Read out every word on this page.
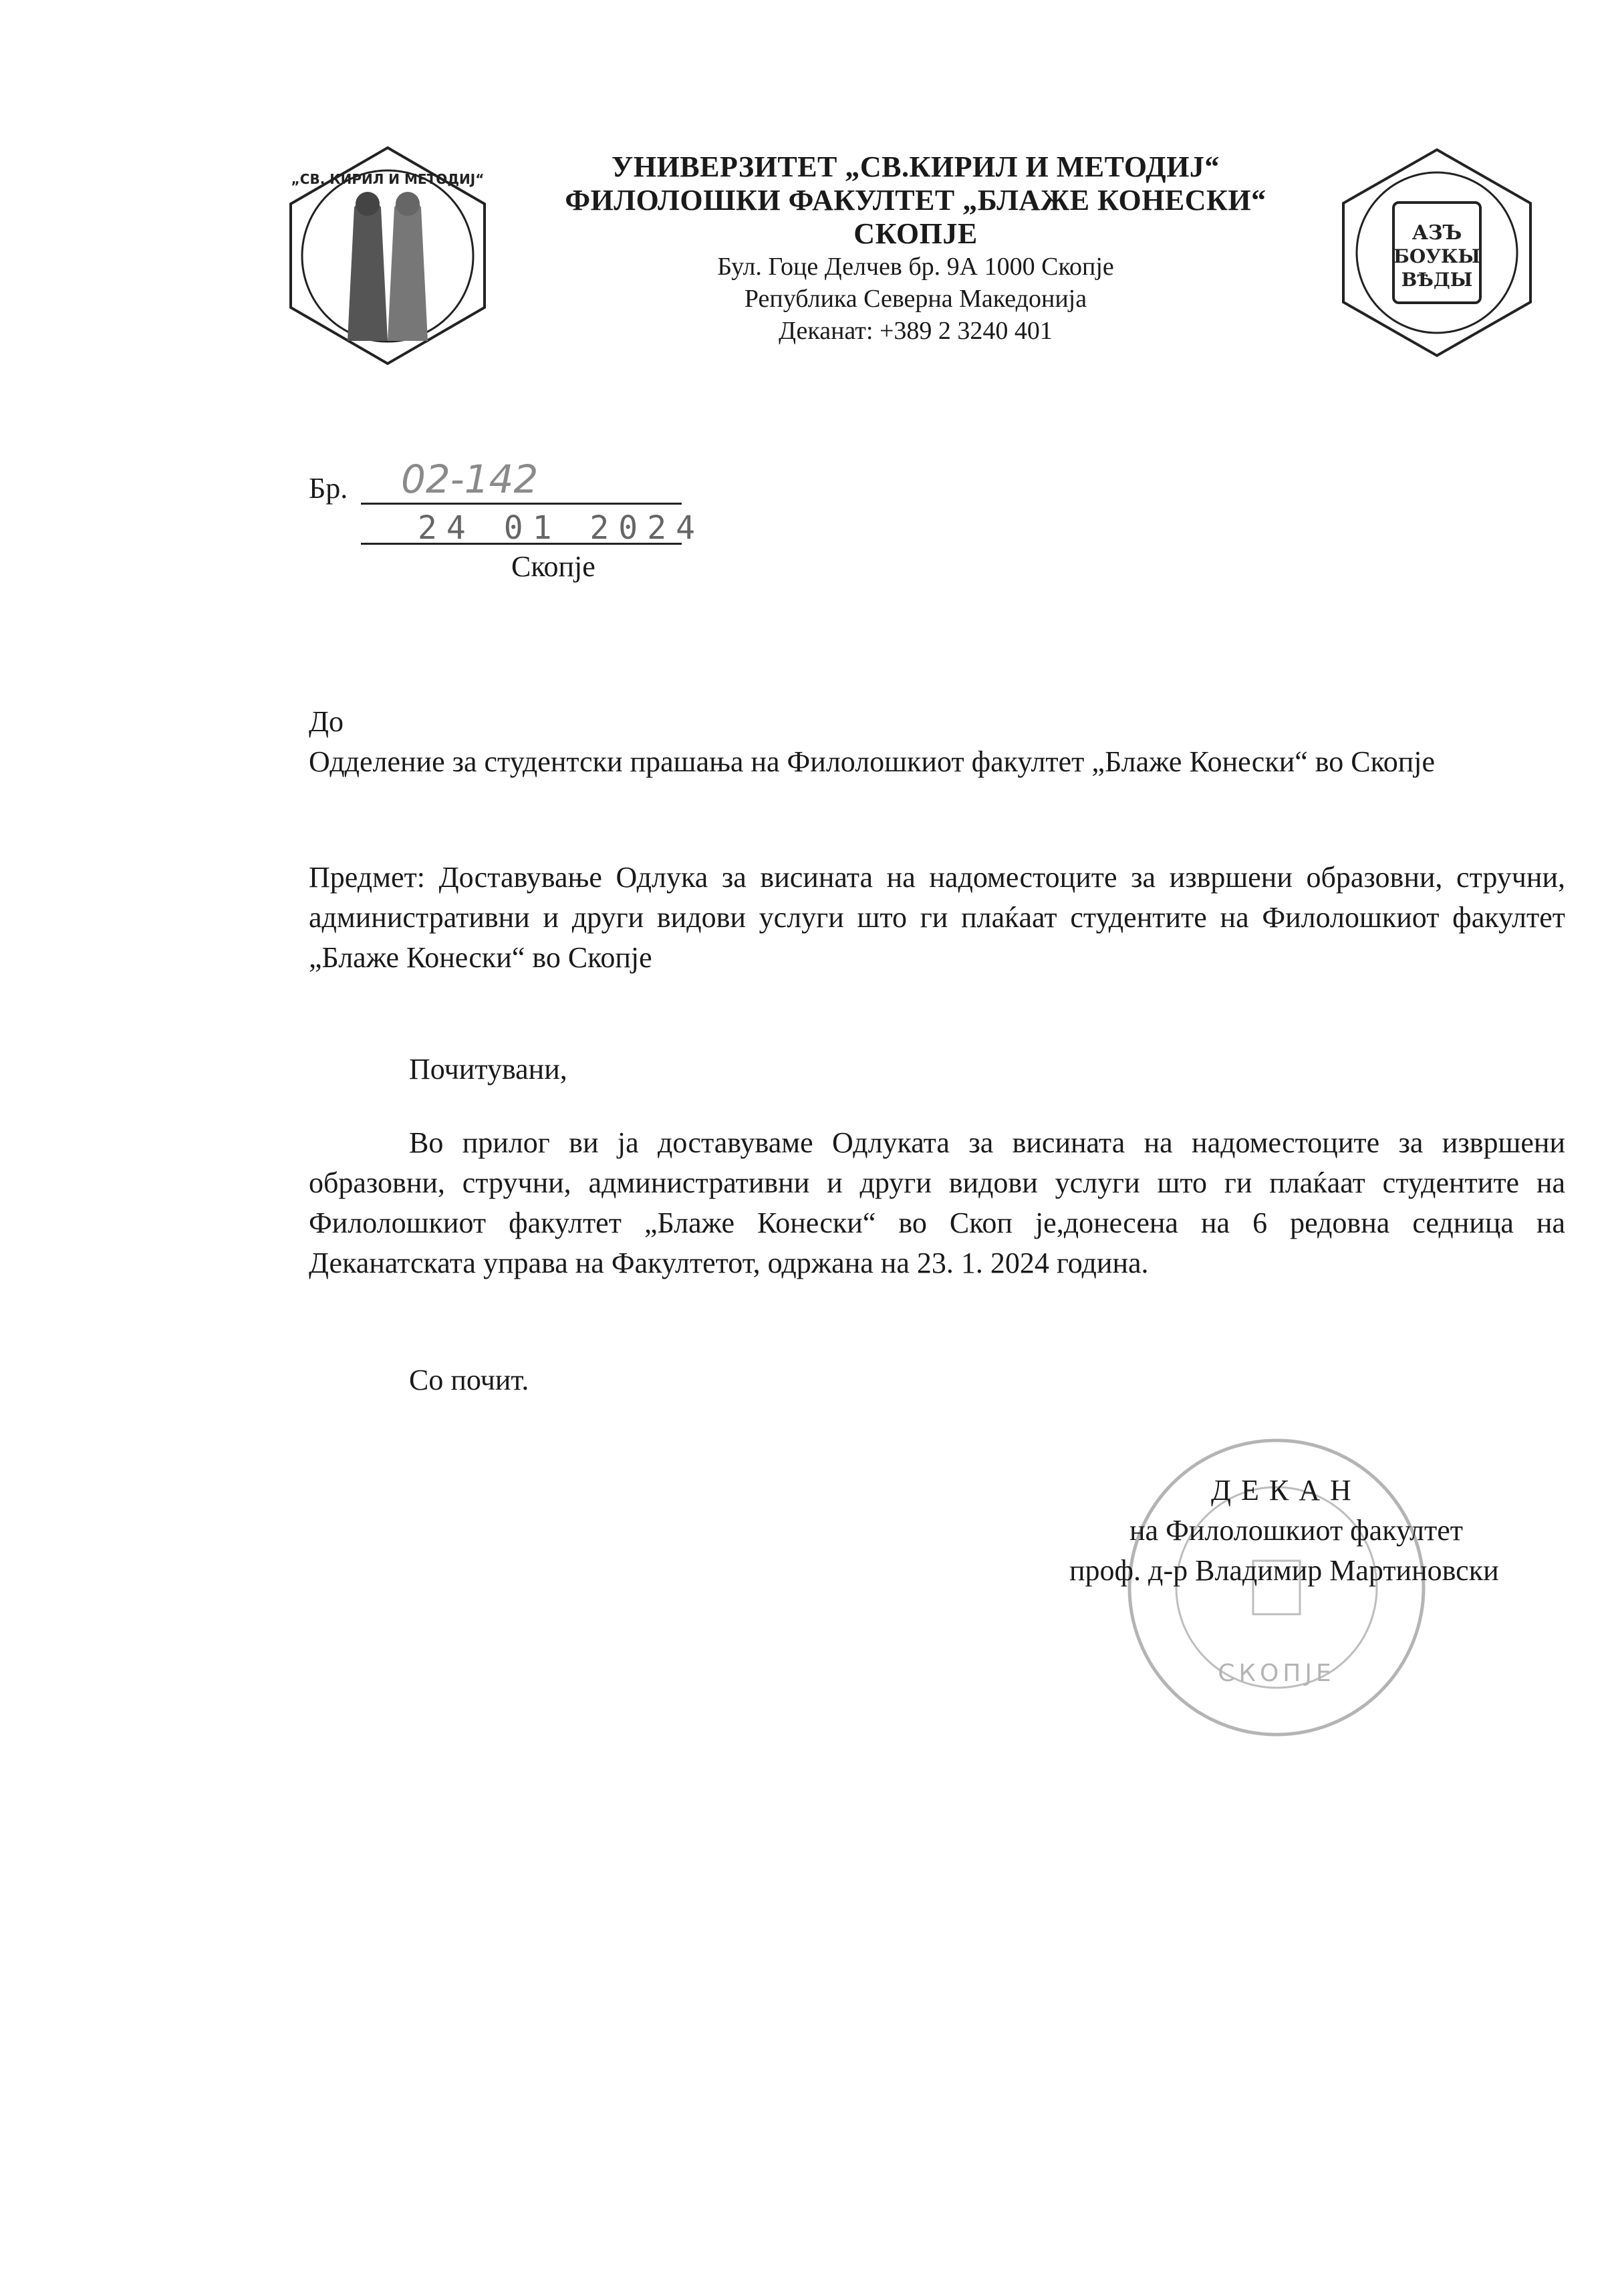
„СВ. КИРИЛ И МЕТОДИЈ“	УНИВЕРЗИТЕТ „СВ.КИРИЛ И МЕТОДИЈ“
ФИЛОЛОШКИ ФАКУЛТЕТ „БЛАЖЕ КОНЕСКИ“
СКОПЈЕ
Бул. Гоце Делчев бр. 9А 1000 Скопје
Република Северна Македонија
Деканат: +389 2 3240 401
АЗЪ
БОУКЫ
ВѢДЫ
Бр. 02-142
24 01 2024
Скопје
До
Одделение за студентски прашања на Филолошкиот факултет „Блаже Конески“ во Скопје
Предмет: Доставување Одлука за висината на надоместоците за извршени образовни, стручни, административни и други видови услуги што ги плаќаат студентите на Филолошкиот факултет „Блаже Конески“ во Скопје
Почитувани,
Во прилог ви ја доставуваме Одлуката за висината на надоместоците за извршени образовни, стручни, административни и други видови услуги што ги плаќаат студентите на Филолошкиот факултет „Блаже Конески“ во Скоп је,донесена на 6 редовна седница на Деканатската управа на Факултетот, одржана на 23. 1. 2024 година.
Со почит.
СКОПЈЕ
Д Е К А Н
на Филолошкиот факултет
проф. д-р Владимир Мартиновски
